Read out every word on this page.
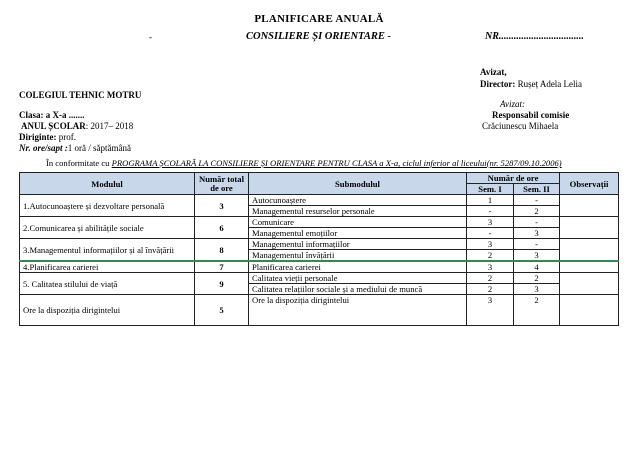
PLANIFICARE ANUALĂ
-	CONSILIERE ȘI ORIENTARE -	NR..................................
Avizat,
Director: Rușeț Adela Lelia
Avizat:
Responsabil comisie
Crăciunescu Mihaela
COLEGIUL TEHNIC MOTRU
Clasa: a X-a .......
ANUL ȘCOLAR: 2017– 2018
Diriginte: prof.
Nr. ore/sapt :1 oră / săptămână
În conformitate cu PROGRAMA ȘCOLARĂ LA CONSILIERE ȘI ORIENTARE PENTRU CLASA a X-a, ciclul inferior al liceului(nr. 5287/09.10.2006)
Modulul	Număr total de ore	Submodulul	Număr de ore		Observații
			Sem. I	Sem. II	
1.Autocunoaștere și dezvoltare personală	3	Autocunoaștere	1	-	
		Managementul resurselor personale	-	2	
2.Comunicarea și abilitățile sociale	6	Comunicare	3	-	
		Managementul emoțiilor	-	3	
3.Managementul informațiilor și al învățării	8	Managementul informațiilor	3	-	
		Managementul învățării	2	3	
4.Planificarea carierei	7	Planificarea carierei	3	4	
5. Calitatea stilului de viață	9	Calitatea vieții personale	2	2	
		Calitatea relațiilor sociale și a mediului de muncă	2	3	
Ore la dispoziția dirigintelui	5	Ore la dispoziția dirigintelui	3	2	
